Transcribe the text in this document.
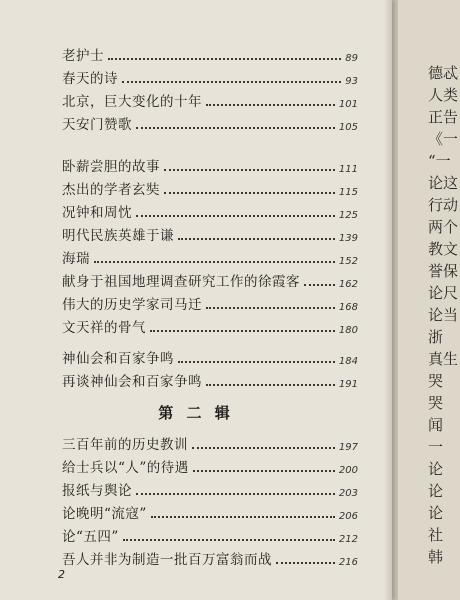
老护士	89
春天的诗	93
北京，巨大变化的十年	101
天安门赞歌	105
卧薪尝胆的故事	111
杰出的学者玄奘	115
况钟和周忱	125
明代民族英雄于谦	139
海瑞	152
献身于祖国地理调查研究工作的徐霞客	162
伟大的历史学家司马迁	168
文天祥的骨气	180
神仙会和百家争鸣	184
再谈神仙会和百家争鸣	191
第 二 辑
三百年前的历史教训	197
给士兵以“人”的待遇	200
报纸与舆论	203
论晚明“流寇”	206
论“五四”	212
吾人并非为制造一批百万富翁而战	216
2
德忒
人类
正告
《一
“一
论这
行动
两个
教文
誉保
论尺
论当
浙
真生
哭
哭
闻
一
论
论
论
社
韩
